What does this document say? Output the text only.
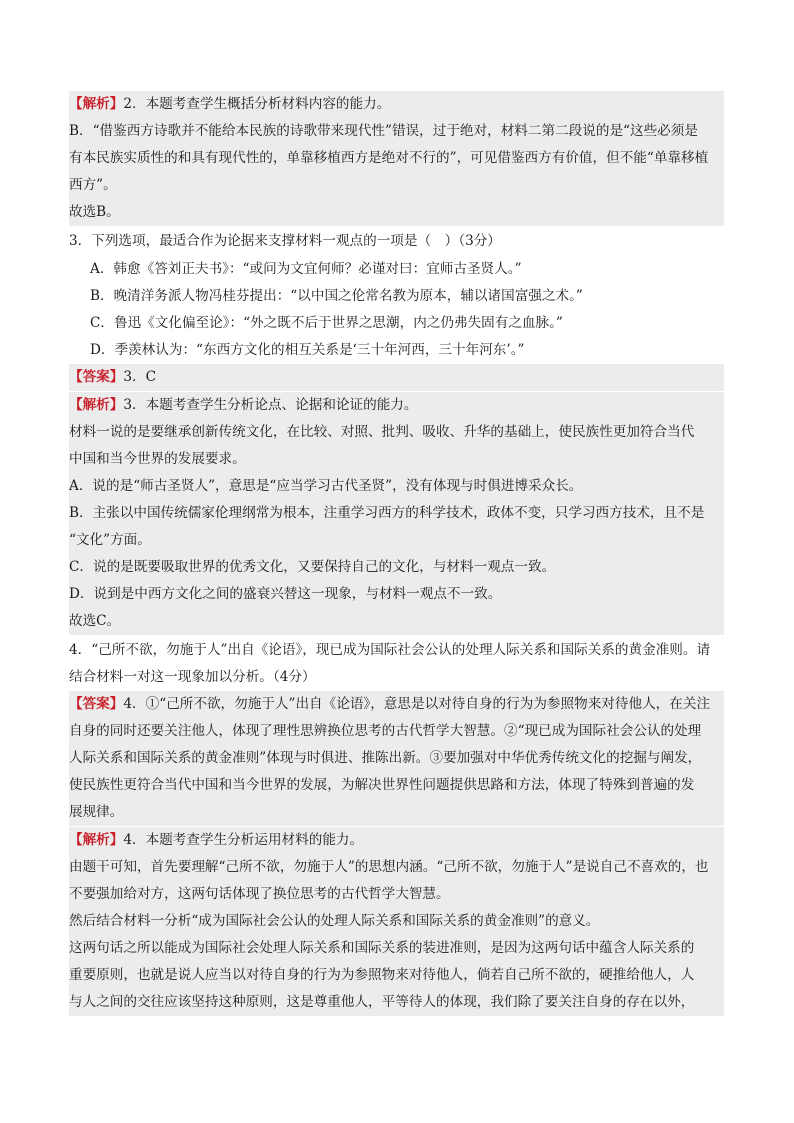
【解析】2．本题考查学生概括分析材料内容的能力。
B．“借鉴西方诗歌并不能给本民族的诗歌带来现代性”错误，过于绝对，材料二第二段说的是“这些必须是
有本民族实质性的和具有现代性的，单靠移植西方是绝对不行的”，可见借鉴西方有价值，但不能“单靠移植
西方”。
故选B。
3．下列选项，最适合作为论据来支撑材料一观点的一项是（　）（3分）
A．韩愈《答刘正夫书》：“或问为文宜何师？必谨对曰：宜师古圣贤人。”
B．晚清洋务派人物冯桂芬提出：“以中国之伦常名教为原本，辅以诸国富强之术。”
C．鲁迅《文化偏至论》：“外之既不后于世界之思潮，内之仍弗失固有之血脉。”
D．季羡林认为：“东西方文化的相互关系是‘三十年河西，三十年河东’。”
【答案】3．C
【解析】3．本题考查学生分析论点、论据和论证的能力。
材料一说的是要继承创新传统文化，在比较、对照、批判、吸收、升华的基础上，使民族性更加符合当代
中国和当今世界的发展要求。
A．说的是“师古圣贤人”，意思是“应当学习古代圣贤”，没有体现与时俱进博采众长。
B．主张以中国传统儒家伦理纲常为根本，注重学习西方的科学技术，政体不变，只学习西方技术，且不是
“文化”方面。
C．说的是既要吸取世界的优秀文化，又要保持自己的文化，与材料一观点一致。
D．说到是中西方文化之间的盛衰兴替这一现象，与材料一观点不一致。
故选C。
4．“己所不欲，勿施于人”出自《论语》，现已成为国际社会公认的处理人际关系和国际关系的黄金准则。请
结合材料一对这一现象加以分析。（4分）
【答案】4．①“己所不欲，勿施于人”出自《论语》，意思是以对待自身的行为为参照物来对待他人，在关注
自身的同时还要关注他人，体现了理性思辨换位思考的古代哲学大智慧。②“现已成为国际社会公认的处理
人际关系和国际关系的黄金准则”体现与时俱进、推陈出新。③要加强对中华优秀传统文化的挖掘与阐发，
使民族性更符合当代中国和当今世界的发展，为解决世界性问题提供思路和方法，体现了特殊到普遍的发
展规律。
【解析】4．本题考查学生分析运用材料的能力。
由题干可知，首先要理解“己所不欲，勿施于人”的思想内涵。“己所不欲，勿施于人”是说自己不喜欢的，也
不要强加给对方，这两句话体现了换位思考的古代哲学大智慧。
然后结合材料一分析“成为国际社会公认的处理人际关系和国际关系的黄金准则”的意义。
这两句话之所以能成为国际社会处理人际关系和国际关系的装进准则，是因为这两句话中蕴含人际关系的
重要原则，也就是说人应当以对待自身的行为为参照物来对待他人，倘若自己所不欲的，硬推给他人，人
与人之间的交往应该坚持这种原则，这是尊重他人，平等待人的体现，我们除了要关注自身的存在以外，
